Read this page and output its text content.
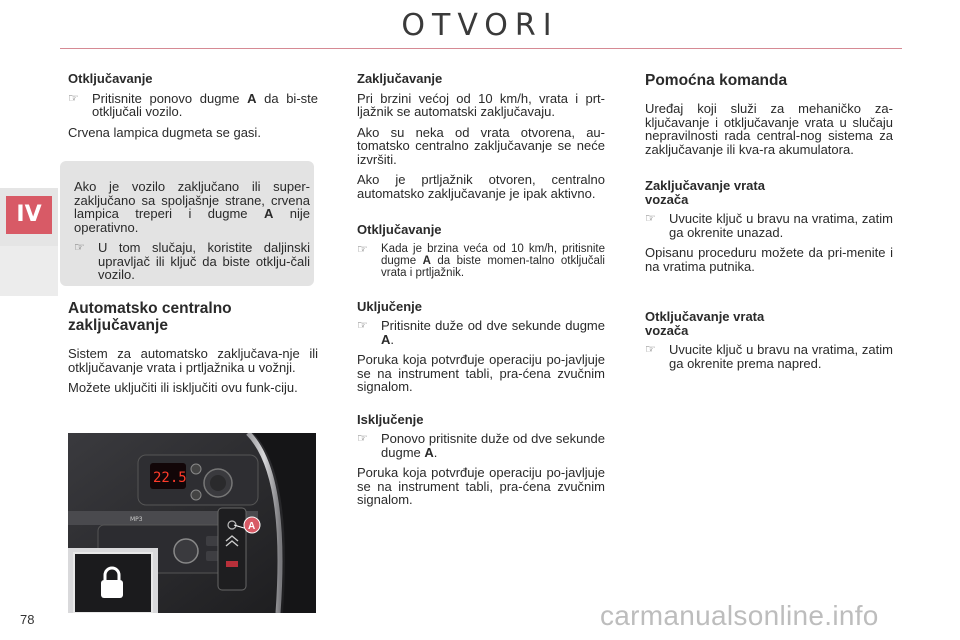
OTVORI
IV
Otključavanje
☞ Pritisnite ponovo dugme A da bi-ste otključali vozilo.
Crvena lampica dugmeta se gasi.
Ako je vozilo zaključano ili super-zaključano sa spoljašnje strane, crvena lampica treperi i dugme A nije operativno.
☞ U tom slučaju, koristite daljinski upravljač ili ključ da biste otklju-čali vozilo.
Automatsko centralno zaključavanje
Sistem za automatsko zaključava-nje ili otključavanje vrata i prtljažnika u vožnji.
Možete uključiti ili isključiti ovu funk-ciju.
22.5
MP3
A
Zaključavanje
Pri brzini većoj od 10 km/h, vrata i prt-ljažnik se automatski zaključavaju.
Ako su neka od vrata otvorena, au-tomatsko centralno zaključavanje se neće izvršiti.
Ako je prtljažnik otvoren, centralno automatsko zaključavanje je ipak aktivno.
Otključavanje
☞ Kada je brzina veća od 10 km/h, pritisnite dugme A da biste momen-talno otključali vrata i prtljažnik.
Uključenje
☞ Pritisnite duže od dve sekunde dugme A.
Poruka koja potvrđuje operaciju po-javljuje se na instrument tabli, pra-ćena zvučnim signalom.
Isključenje
☞ Ponovo pritisnite duže od dve sekunde dugme A.
Poruka koja potvrđuje operaciju po-javljuje se na instrument tabli, pra-ćena zvučnim signalom.
Pomoćna komanda
Uređaj koji služi za mehaničko za-ključavanje i otključavanje vrata u slučaju nepravilnosti rada central-nog sistema za zaključavanje ili kva-ra akumulatora.
Zaključavanje vrata vozača
☞ Uvucite ključ u bravu na vratima, zatim ga okrenite unazad.
Opisanu proceduru možete da pri-menite i na vratima putnika.
Otključavanje vrata vozača
☞ Uvucite ključ u bravu na vratima, zatim ga okrenite prema napred.
78	carmanualsonline.info
